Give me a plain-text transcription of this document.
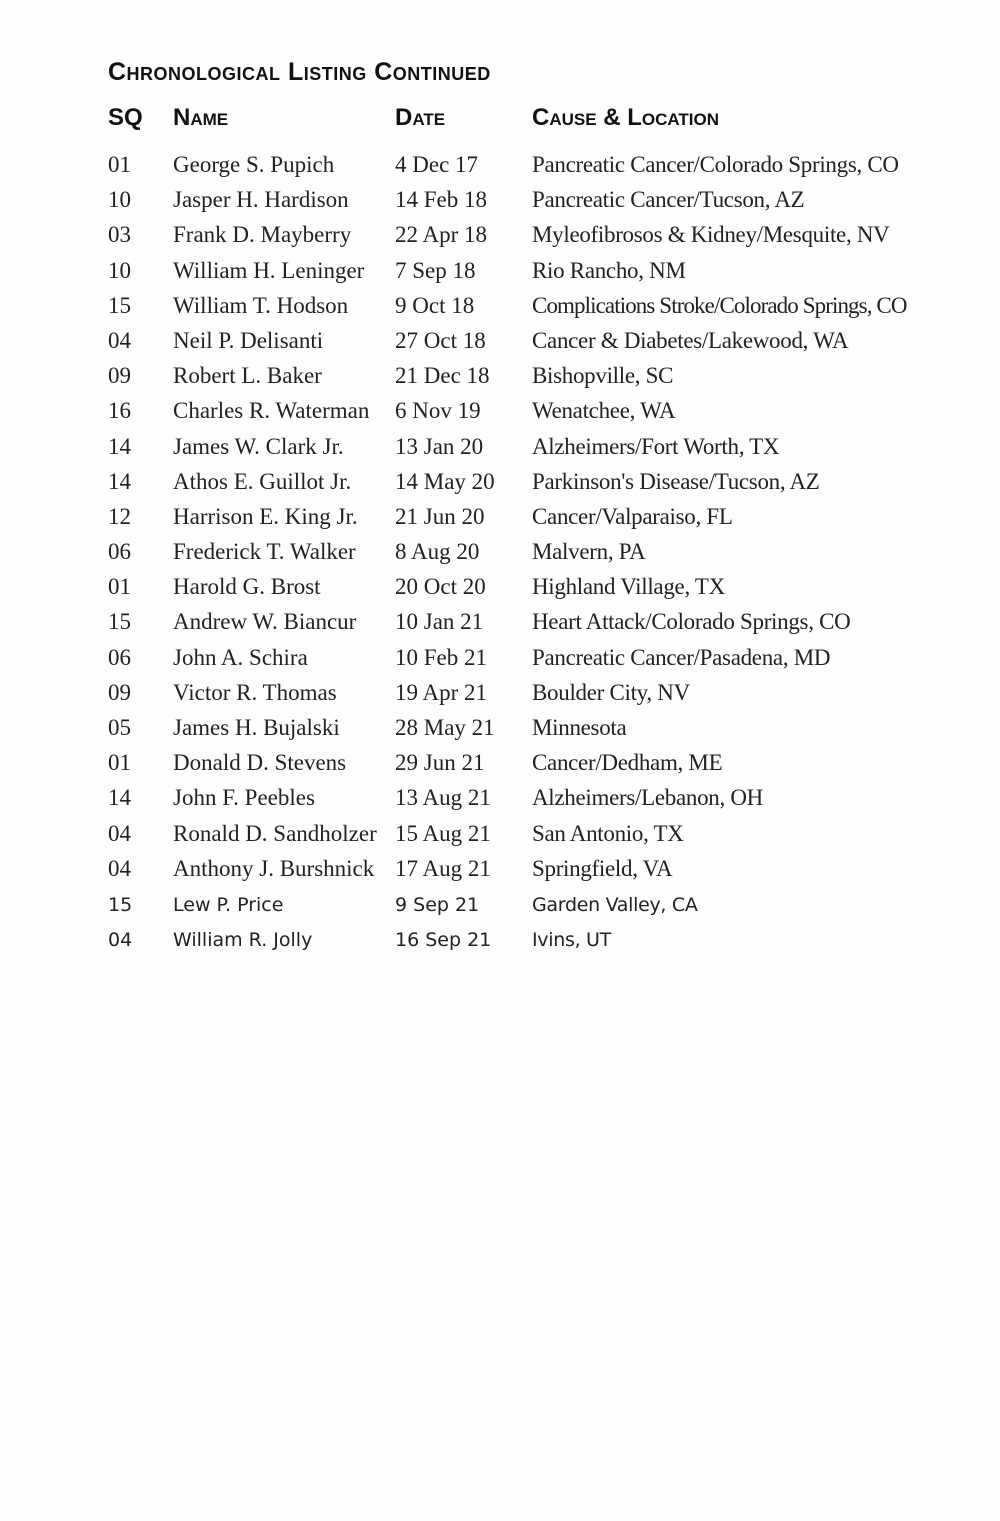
Chronological Listing Continued
SQ Name	Date	Cause & Location
01 George S. Pupich	4 Dec 17 Pancreatic Cancer/Colorado Springs, CO
10 Jasper H. Hardison 14 Feb 18 Pancreatic Cancer/Tucson, AZ
03 Frank D. Mayberry 22 Apr 18 Myleofibrosos & Kidney/Mesquite, NV
10 William H. Leninger 7 Sep 18 Rio Rancho, NM
15 William T. Hodson 9 Oct 18	Complications Stroke/Colorado Springs, CO
04 Neil P. Delisanti	27 Oct 18 Cancer & Diabetes/Lakewood, WA
09 Robert L. Baker	21 Dec 18 Bishopville, SC
16 Charles R. Waterman 6 Nov 19 Wenatchee, WA
14 James W. Clark Jr. 13 Jan 20 Alzheimers/Fort Worth, TX
14 Athos E. Guillot Jr. 14 May 20 Parkinson's Disease/Tucson, AZ
12 Harrison E. King Jr. 21 Jun 20 Cancer/Valparaiso, FL
06 Frederick T. Walker 8 Aug 20 Malvern, PA
01 Harold G. Brost	20 Oct 20 Highland Village, TX
15 Andrew W. Biancur 10 Jan 21 Heart Attack/Colorado Springs, CO
06 John A. Schira	10 Feb 21 Pancreatic Cancer/Pasadena, MD
09 Victor R. Thomas	19 Apr 21 Boulder City, NV
05 James H. Bujalski 28 May 21 Minnesota
01 Donald D. Stevens 29 Jun 21 Cancer/Dedham, ME
14 John F. Peebles	13 Aug 21 Alzheimers/Lebanon, OH
04 Ronald D. Sandholzer 15 Aug 21 San Antonio, TX
04 Anthony J. Burshnick 17 Aug 21 Springfield, VA
15 Lew P. Price	9 Sep 21	Garden Valley, CA
04 William R. Jolly	16 Sep 21 Ivins, UT
